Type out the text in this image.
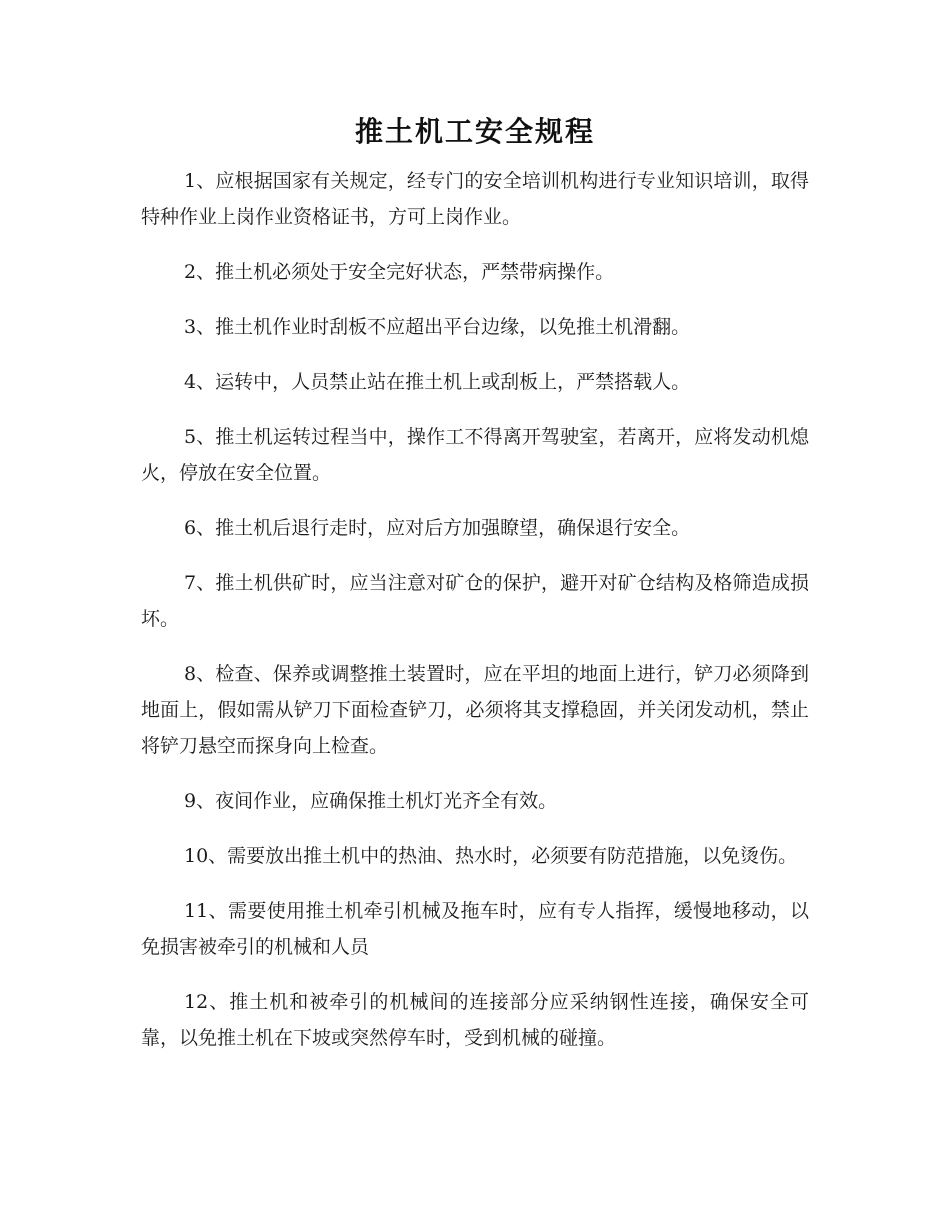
推土机工安全规程

1、应根据国家有关规定，经专门的安全培训机构进行专业知识培训，取得特种作业上岗作业资格证书，方可上岗作业。

2、推土机必须处于安全完好状态，严禁带病操作。

3、推土机作业时刮板不应超出平台边缘，以免推土机滑翻。

4、运转中，人员禁止站在推土机上或刮板上，严禁搭载人。

5、推土机运转过程当中，操作工不得离开驾驶室，若离开，应将发动机熄火，停放在安全位置。

6、推土机后退行走时，应对后方加强瞭望，确保退行安全。

7、推土机供矿时，应当注意对矿仓的保护，避开对矿仓结构及格筛造成损坏。

8、检查、保养或调整推土装置时，应在平坦的地面上进行，铲刀必须降到地面上，假如需从铲刀下面检查铲刀，必须将其支撑稳固，并关闭发动机，禁止将铲刀悬空而探身向上检查。

9、夜间作业，应确保推土机灯光齐全有效。

10、需要放出推土机中的热油、热水时，必须要有防范措施，以免烫伤。

11、需要使用推土机牵引机械及拖车时，应有专人指挥，缓慢地移动，以免损害被牵引的机械和人员

12、推土机和被牵引的机械间的连接部分应采纳钢性连接，确保安全可靠，以免推土机在下坡或突然停车时，受到机械的碰撞。
